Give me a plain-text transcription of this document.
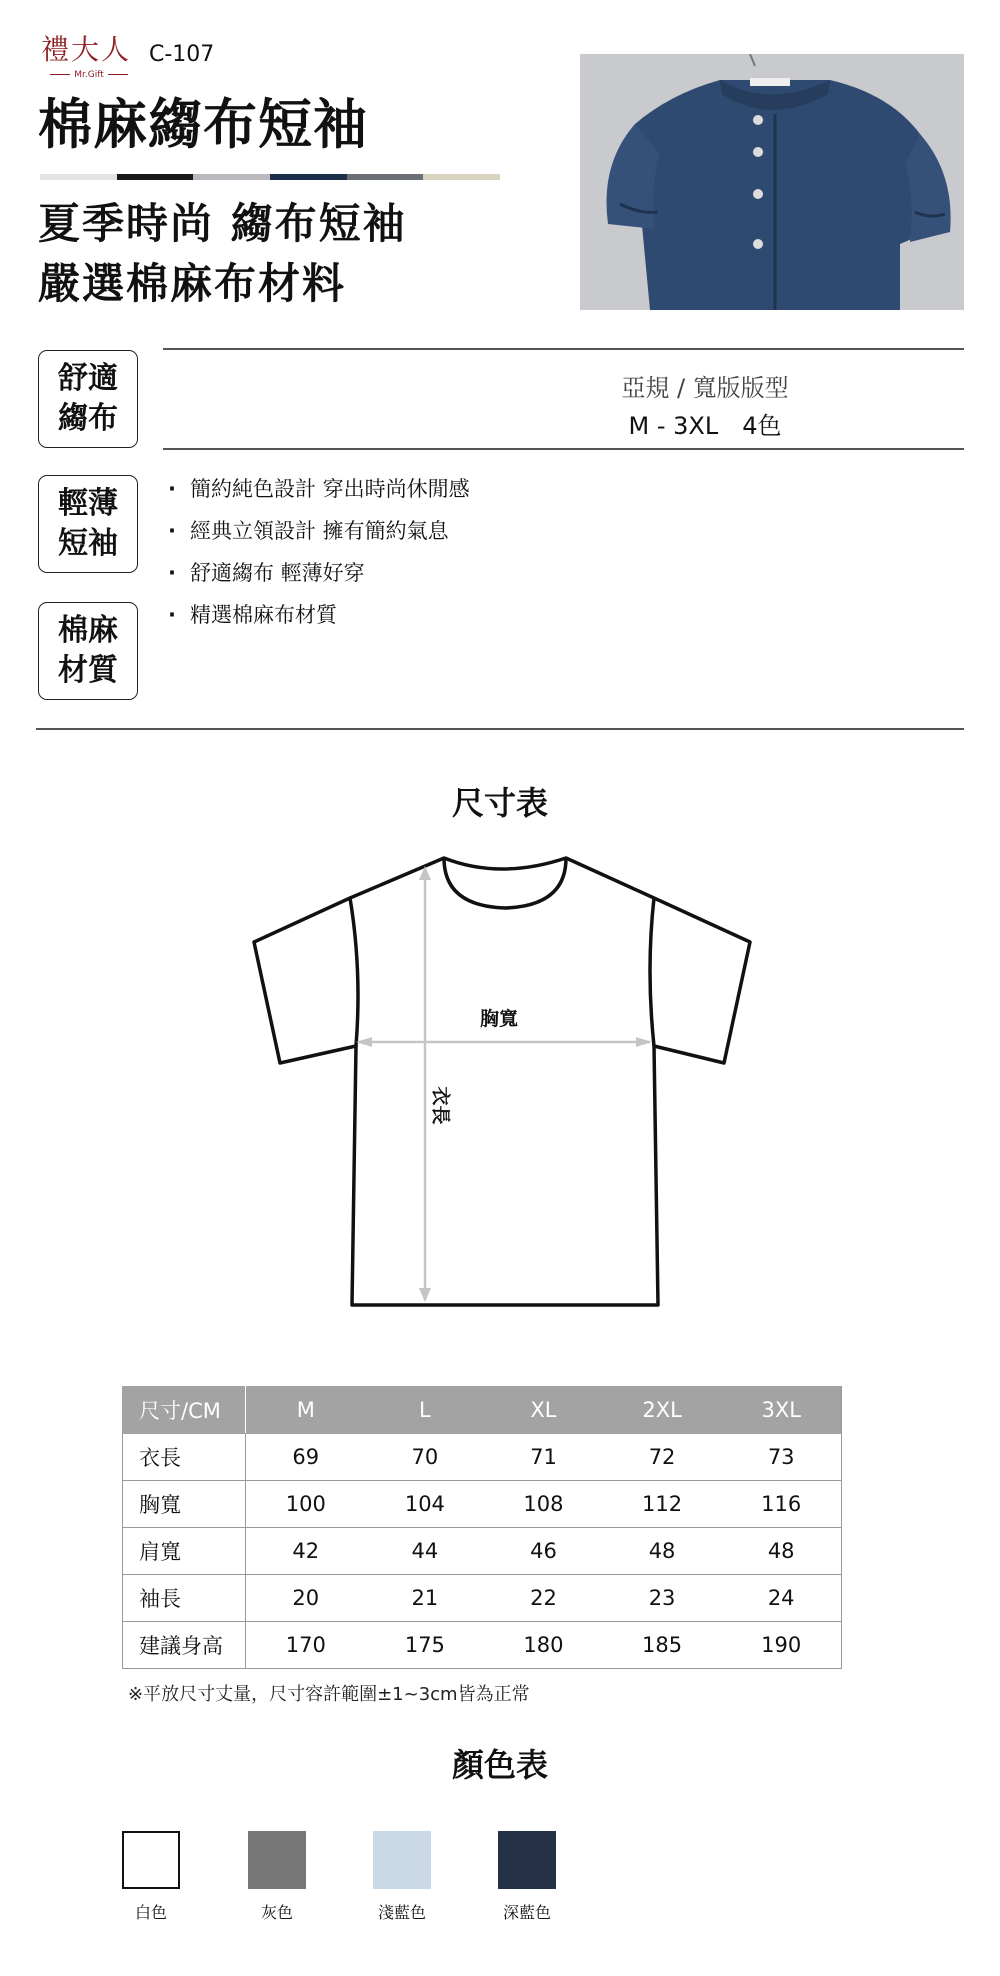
禮大人
Mr.Gift
C-107
棉麻縐布短袖
夏季時尚 縐布短袖
嚴選棉麻布材料
亞規 / 寬版版型
M - 3XL　4色
舒適縐布
輕薄短袖
棉麻材質
· 簡約純色設計 穿出時尚休閒感
· 經典立領設計 擁有簡約氣息
· 舒適縐布 輕薄好穿
· 精選棉麻布材質
尺寸表
胸寬
衣長
尺寸/CM	M	L	XL	2XL	3XL
衣長	69	70	71	72	73
胸寬	100	104	108	112	116
肩寬	42	44	46	48	48
袖長	20	21	22	23	24
建議身高	170	175	180	185	190
※平放尺寸丈量，尺寸容許範圍±1~3cm皆為正常
顏色表
白色	灰色	淺藍色	深藍色
